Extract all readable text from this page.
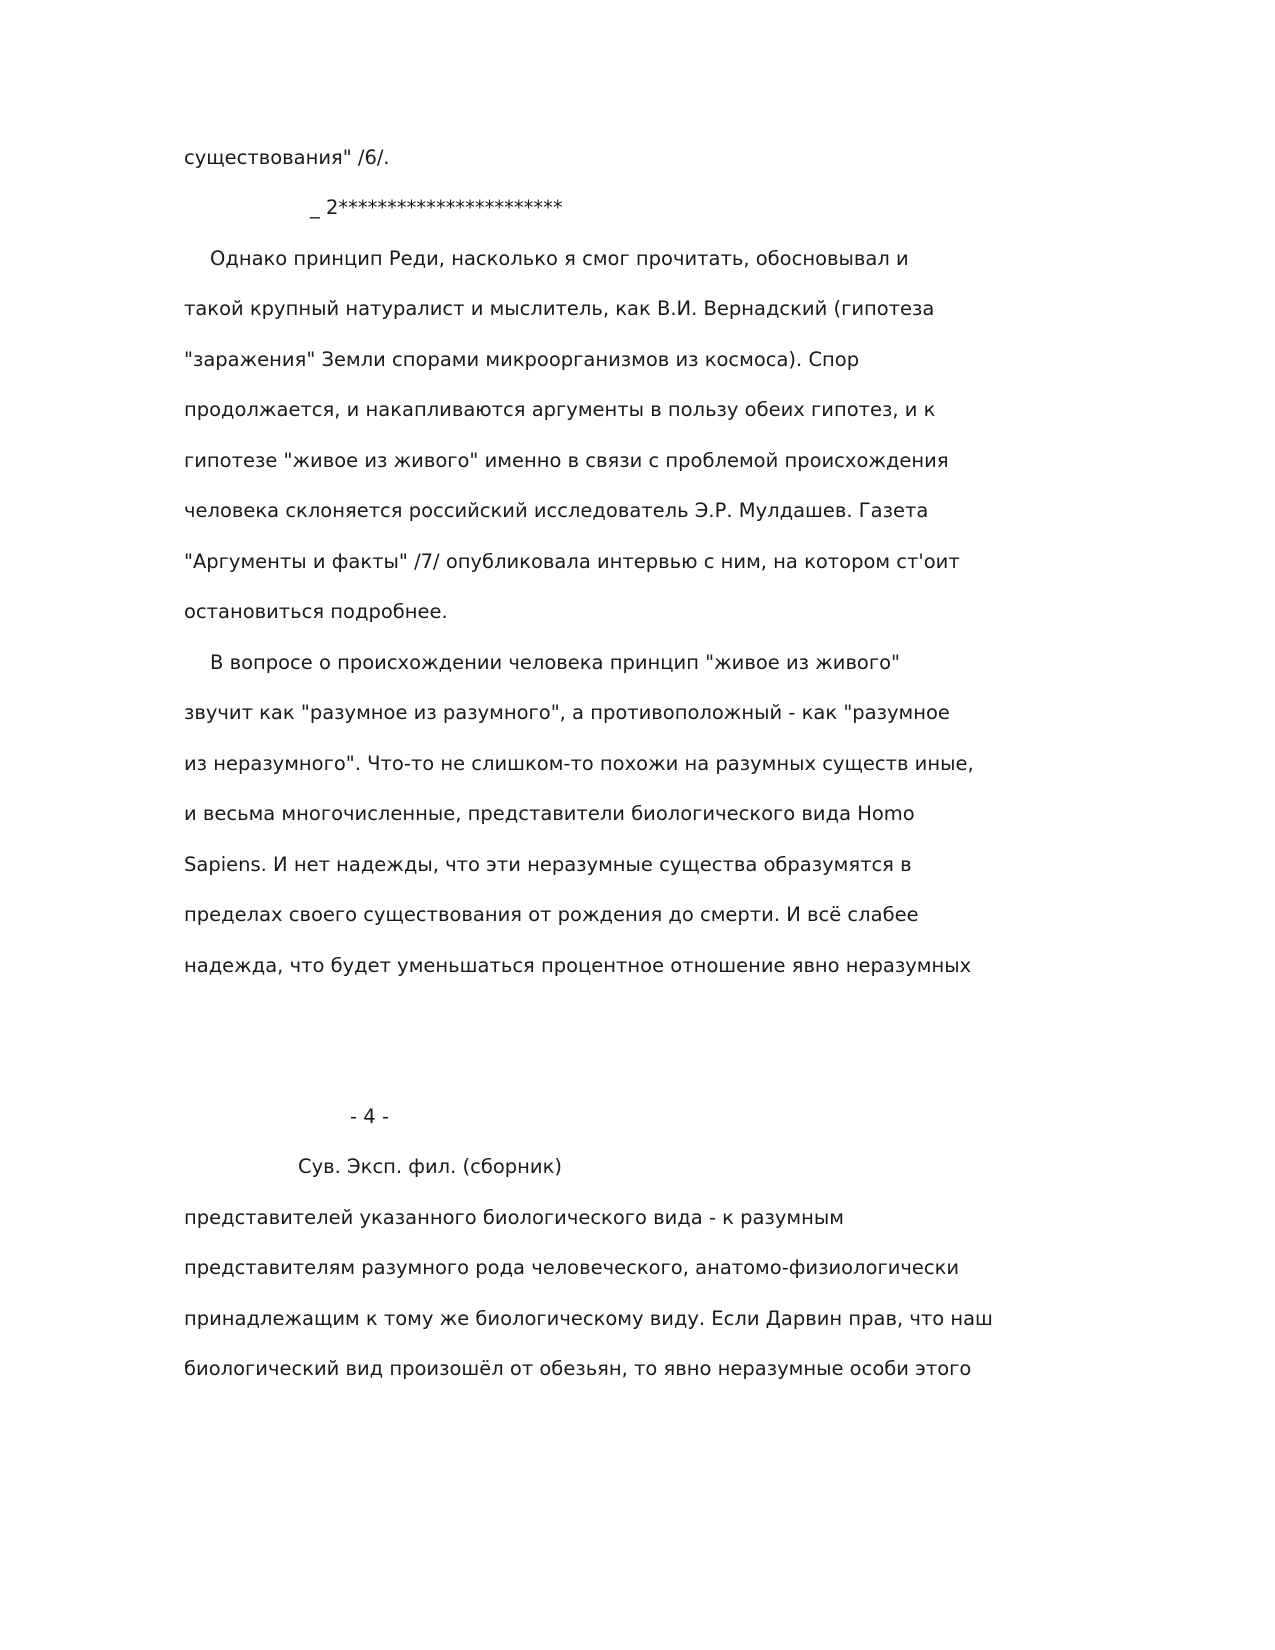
существования" /6/.
_ 2***********************
Однако принцип Реди, насколько я смог прочитать, обосновывал и
такой крупный натуралист и мыслитель, как В.И. Вернадский (гипотеза
"заражения" Земли спорами микроорганизмов из космоса). Спор
продолжается, и накапливаются аргументы в пользу обеих гипотез, и к
гипотезе "живое из живого" именно в связи с проблемой происхождения
человека склоняется российский исследователь Э.Р. Мулдашев. Газета
"Аргументы и факты" /7/ опубликовала интервью с ним, на котором ст'оит
остановиться подробнее.
В вопросе о происхождении человека принцип "живое из живого"
звучит как "разумное из разумного", а противоположный - как "разумное
из неразумного". Что-то не слишком-то похожи на разумных существ иные,
и весьма многочисленные, представители биологического вида Homo
Sapiens. И нет надежды, что эти неразумные существа образумятся в
пределах своего существования от рождения до смерти. И всё слабее
надежда, что будет уменьшаться процентное отношение явно неразумных
- 4 -
Сув. Эксп. фил. (сборник)
представителей указанного биологического вида - к разумным
представителям разумного рода человеческого, анатомо-физиологически
принадлежащим к тому же биологическому виду. Если Дарвин прав, что наш
биологический вид произошёл от обезьян, то явно неразумные особи этого
